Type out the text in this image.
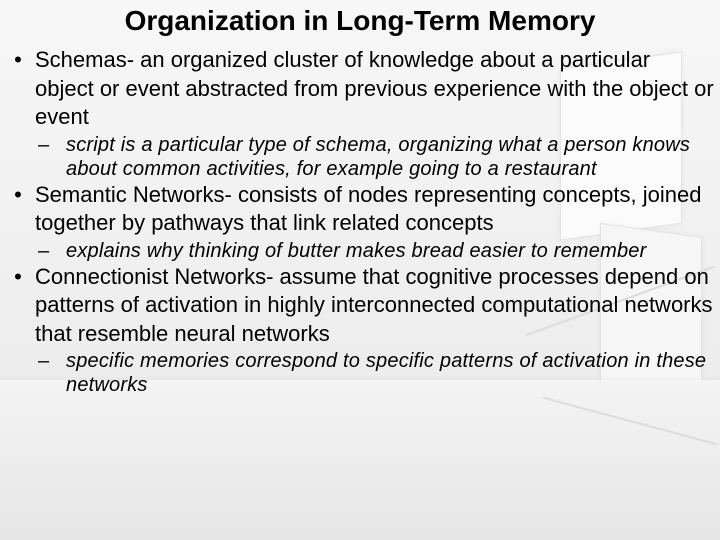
Organization in Long-Term Memory
• Schemas- an organized cluster of knowledge about a particular object or event abstracted from previous experience with the object or event
– script is a particular type of schema, organizing what a person knows about common activities, for example going to a restaurant
• Semantic Networks- consists of nodes representing concepts, joined together by pathways that link related concepts
– explains why thinking of butter makes bread easier to remember
• Connectionist Networks- assume that cognitive processes depend on patterns of activation in highly interconnected computational networks that resemble neural networks
– specific memories correspond to specific patterns of activation in these networks
